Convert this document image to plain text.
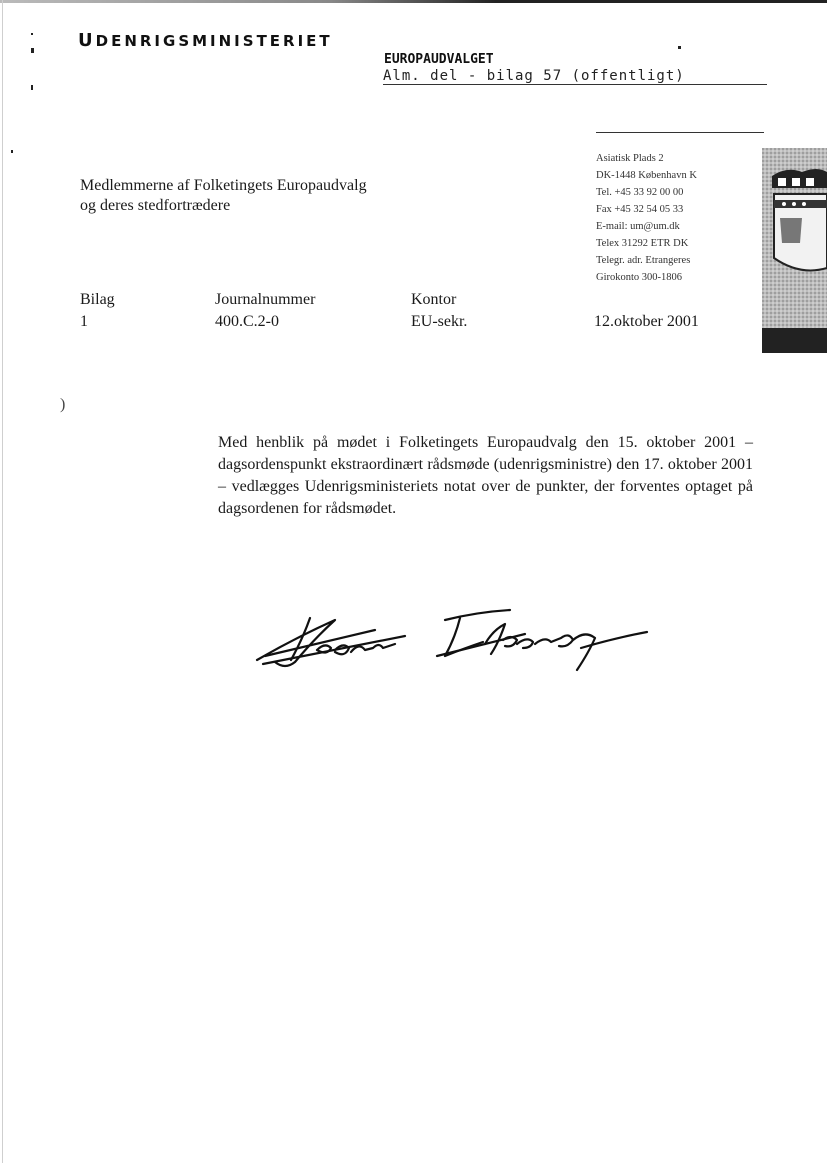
UDENRIGSMINISTERIET
EUROPAUDVALGET
Alm. del - bilag 57 (offentligt)
Asiatisk Plads 2
DK-1448 København K
Tel. +45 33 92 00 00
Fax +45 32 54 05 33
E-mail: um@um.dk
Telex 31292 ETR DK
Telegr. adr. Etrangeres
Girokonto 300-1806
Medlemmerne af Folketingets Europaudvalg
og deres stedfortrædere
Bilag
1
Journalnummer
400.C.2-0
Kontor
EU-sekr.	12.oktober 2001
)
Med henblik på mødet i Folketingets Europaudvalg den 15. oktober 2001 – dagsordenspunkt ekstraordinært rådsmøde (udenrigsministre) den 17. oktober 2001 – vedlægges Udenrigsministeriets notat over de punkter, der forventes optaget på dagsordenen for rådsmødet.
